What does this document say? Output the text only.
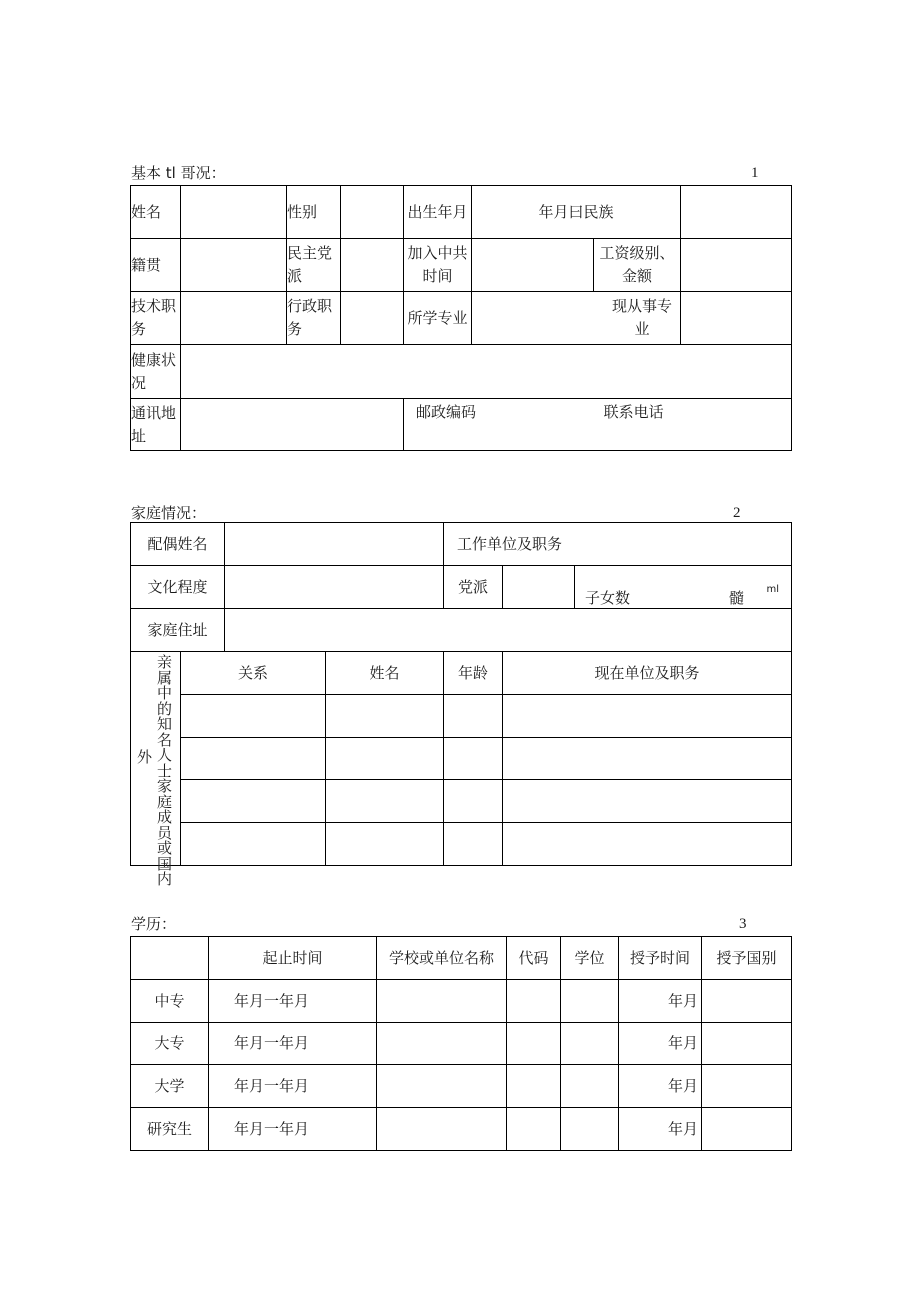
基本 tl 哥况：	1
姓名		性别		出生年月	年月曰民族		
籍贯		民主党派		加入中共时间		工资级别、金额	
技术职务		行政职务		所学专业	现从事专业		
健康状况							
通讯地址				邮政编码 联系电话			
家庭情况：	2
配偶姓名				工作单位及职务		
文化程度				党派		子女数 髓 ml

家庭住址						

亲属中的知名人士家庭成员或国内
外	关系		姓名	年龄	现在单位及职务	

学历：	3
	起止时间	学校或单位名称	代码	学位	授予时间	授予国别
中专	年月一年月				年月	
大专	年月一年月				年月	
大学	年月一年月				年月	
研究生	年月一年月				年月	
